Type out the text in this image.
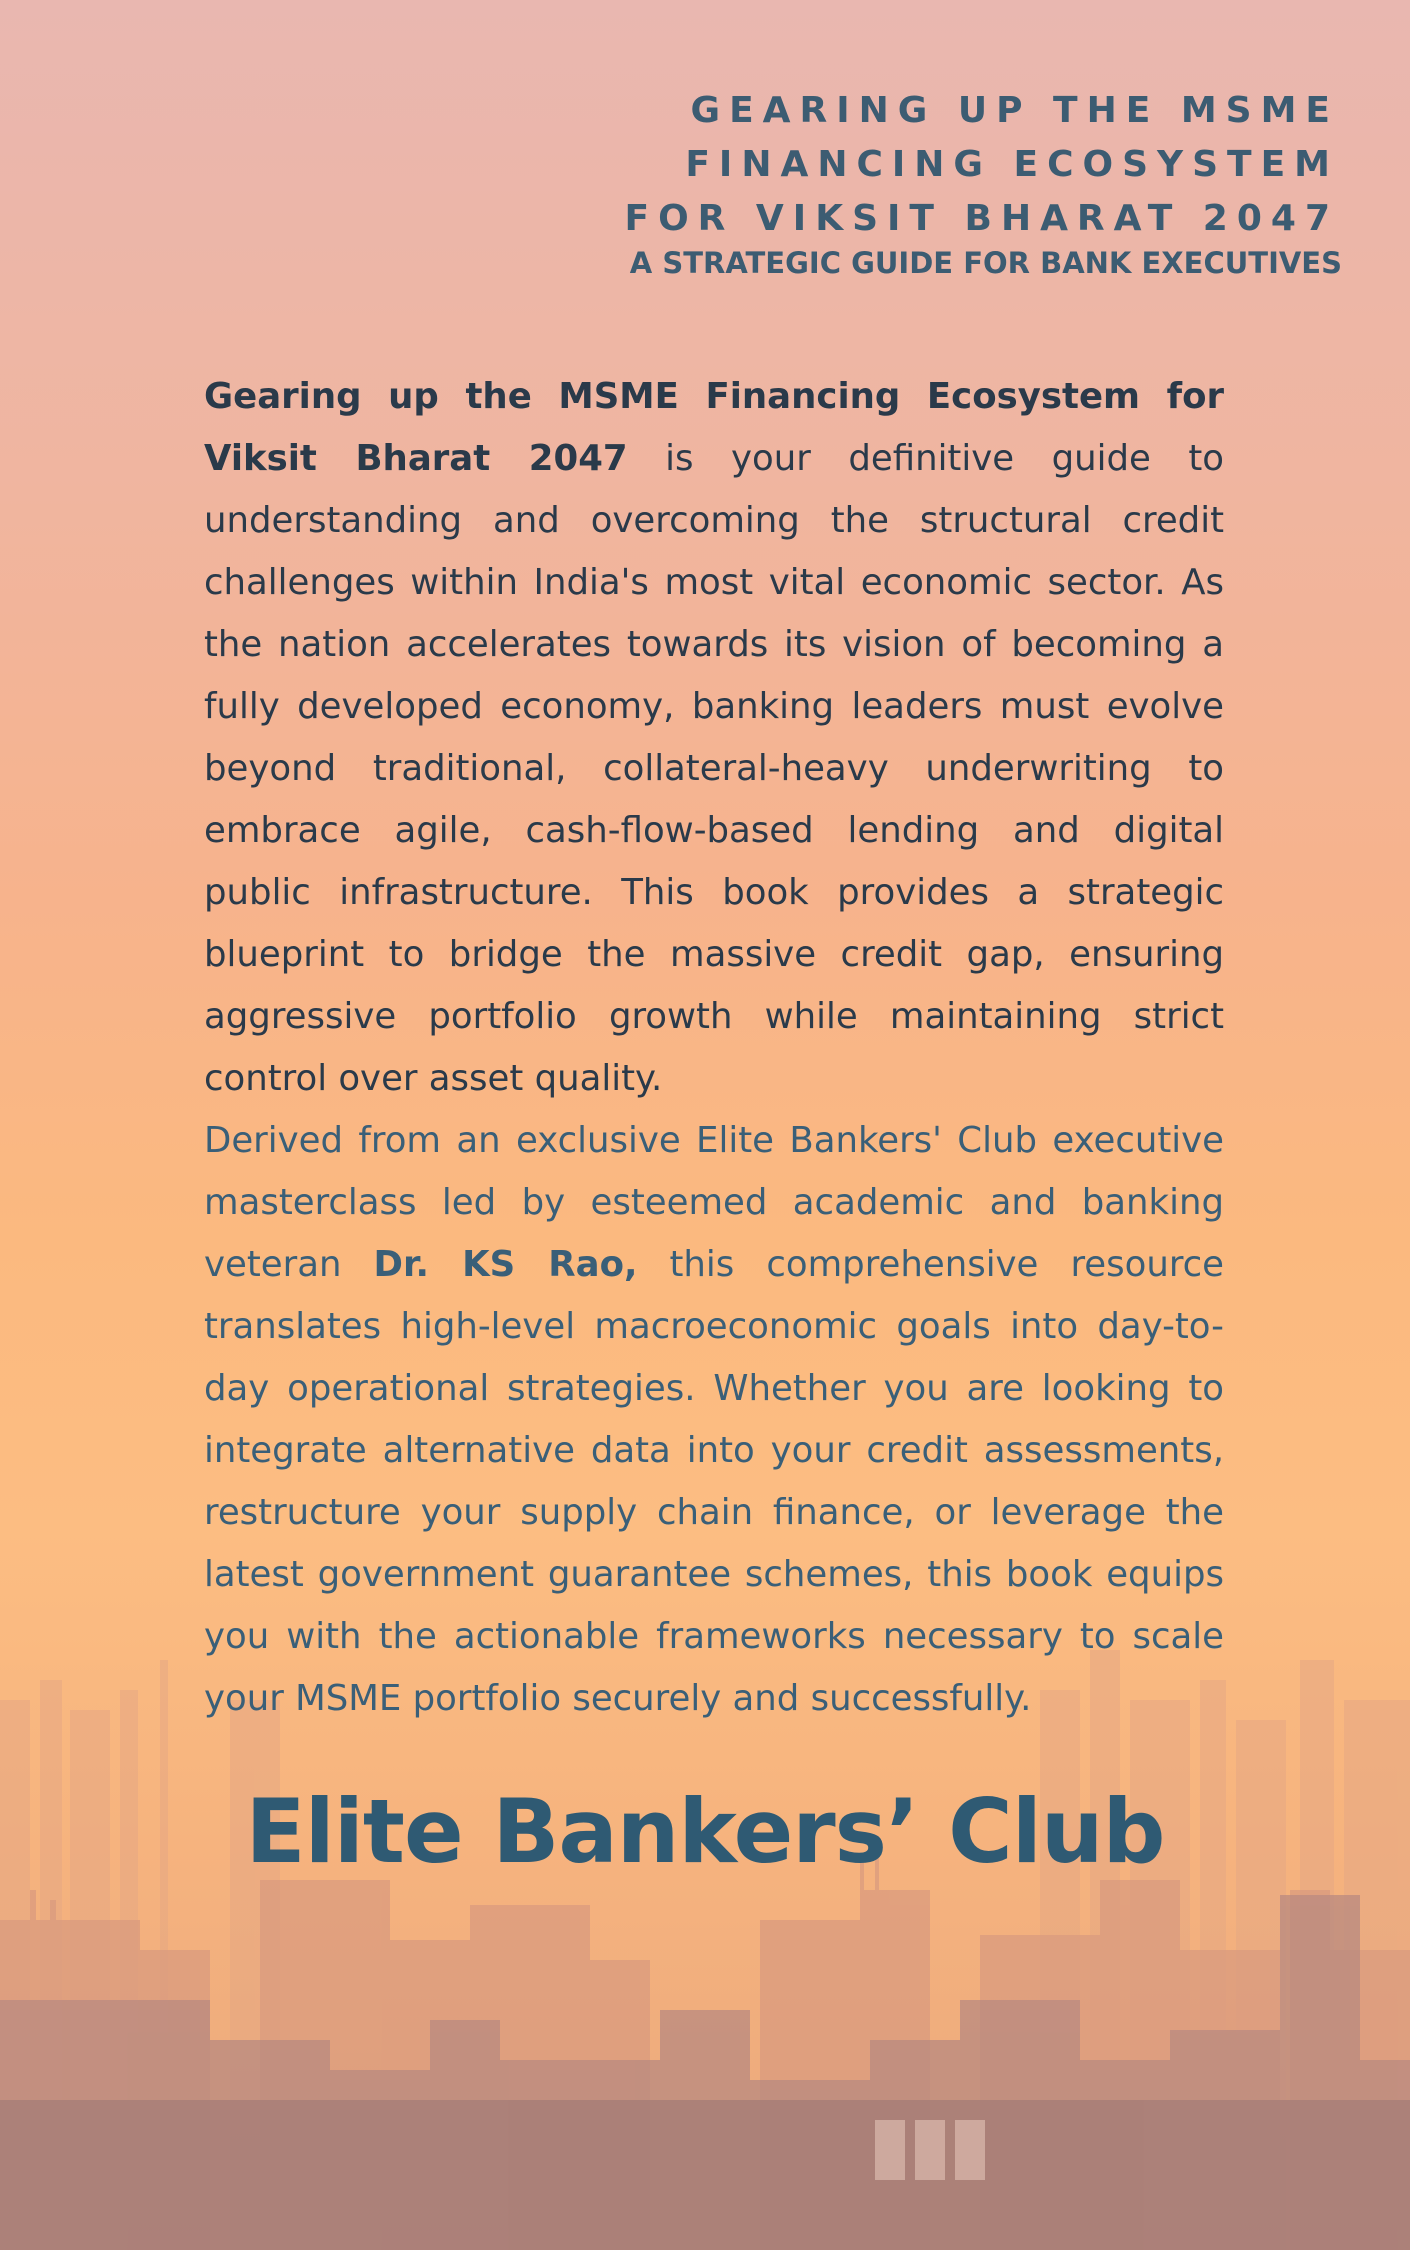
GEARING UP THE MSME
FINANCING ECOSYSTEM
FOR VIKSIT BHARAT 2047
A STRATEGIC GUIDE FOR BANK EXECUTIVES

Gearing up the MSME Financing Ecosystem for Viksit Bharat 2047 is your definitive guide to understanding and overcoming the structural credit challenges within India's most vital economic sector. As the nation accelerates towards its vision of becoming a fully developed economy, banking leaders must evolve beyond traditional, collateral-heavy underwriting to embrace agile, cash-flow-based lending and digital public infrastructure. This book provides a strategic blueprint to bridge the massive credit gap, ensuring aggressive portfolio growth while maintaining strict control over asset quality.

Derived from an exclusive Elite Bankers' Club executive masterclass led by esteemed academic and banking veteran Dr. KS Rao, this comprehensive resource translates high-level macroeconomic goals into day-to-day operational strategies. Whether you are looking to integrate alternative data into your credit assessments, restructure your supply chain finance, or leverage the latest government guarantee schemes, this book equips you with the actionable frameworks necessary to scale your MSME portfolio securely and successfully.

Elite Bankers’ Club
